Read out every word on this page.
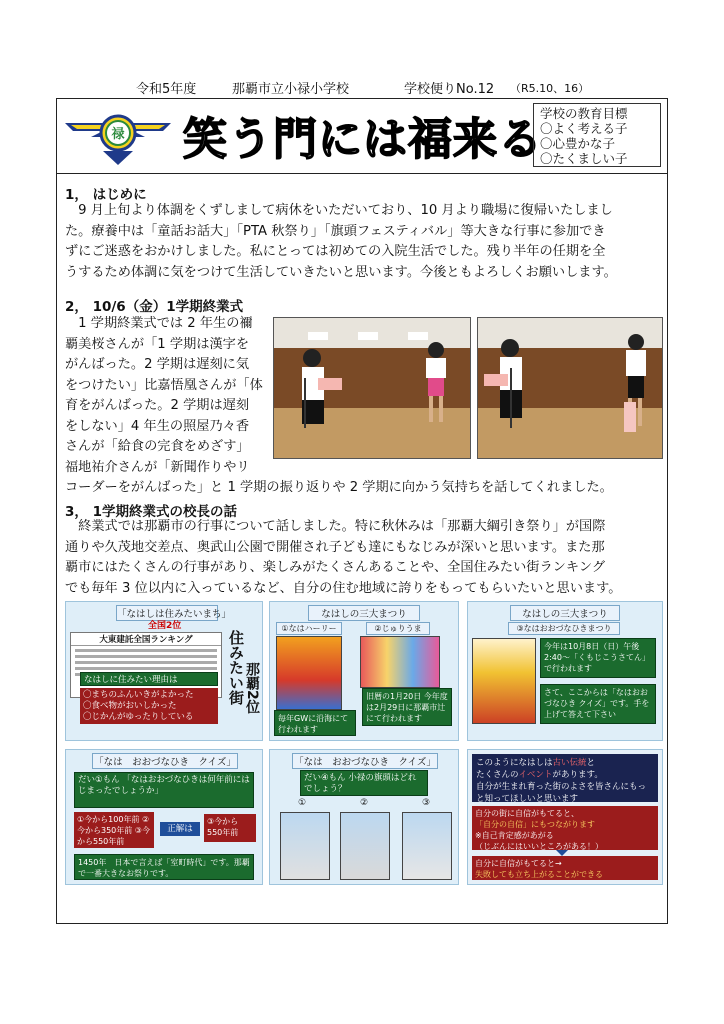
令和5年度	那覇市立小禄小学校	学校便りNo.12 （R5.10、16）
禄 笑う門には福来る
学校の教育目標
〇よく考える子
〇心豊かな子
〇たくましい子
1， はじめに
　9 月上旬より体調をくずしまして病休をいただいており、10 月より職場に復帰いたしまし
た。療養中は「童話お話大」「PTA 秋祭り」「旗頭フェスティバル」等大きな行事に参加でき
ずにご迷惑をおかけしました。私にとっては初めての入院生活でした。残り半年の任期を全
うするため体調に気をつけて生活していきたいと思います。今後ともよろしくお願いします。
2， 10/6（金）1学期終業式
　1 学期終業式では 2 年生の禰
覇美桜さんが「1 学期は漢字を
がんばった。2 学期は遅刻に気
をつけたい」比嘉悟凰さんが「体
育をがんばった。2 学期は遅刻
をしない」4 年生の照屋乃々香
さんが「給食の完食をめざす」
福地祐介さんが「新聞作りやリ
コーダーをがんばった」と 1 学期の振り返りや 2 学期に向かう気持ちを話してくれました。
3， 1学期終業式の校長の話
　終業式では那覇市の行事について話しました。特に秋休みは「那覇大綱引き祭り」が国際
通りや久茂地交差点、奥武山公園で開催され子ども達にもなじみが深いと思います。また那
覇市にはたくさんの行事があり、楽しみがたくさんあることや、全国住みたい街ランキング
でも毎年 3 位以内に入っているなど、自分の住む地域に誇りをもってもらいたいと思います。
「なはしは住みたいまち」
全国2位
大東建託全国ランキング	住みたい街 那覇2位
なはしに住みたい理由は
〇まちのふんいきがよかった
〇食べ物がおいしかった
〇じかんがゆったりしている
なはしの三大まつり
①なはハーリー	②じゅりうま
旧暦の1月20日 今年度は2月29日に那覇市辻にて行われます
毎年GWに沿海にて行われます
なはしの三大まつり
③なはおおづなひきまつり
今年は10月8日（日）午後2:40～「くもじこうさてん」で行われます
さて、ここからは「なはおおづなひき クイズ」です。手を上げて答えて下さい
「なは　おおづなひき　クイズ」
だい①もん 「なはおおづなひきは何年前にはじまったでしょうか」
①今から100年前 ②今から350年前 ③今から550年前
正解は
③今から 550年前
1450年　日本で言えば「室町時代」です。那覇で一番大きなお祭りです。
「なは　おおづなひき　クイズ」
だい④もん 小禄の旗頭はどれでしょう？
①	②	③
このようになはしは古い伝統と
たくさんのイベントがあります。
自分が生まれ育った街のよさを皆さんにもっと知ってほしいと思います
自分の街に自信がもてると、
「自分の自信」にもつながります
※自己肯定感があがる
（じぶんにはいいところがある！）
自分に自信がもてると→
失敗しても立ち上がることができる
